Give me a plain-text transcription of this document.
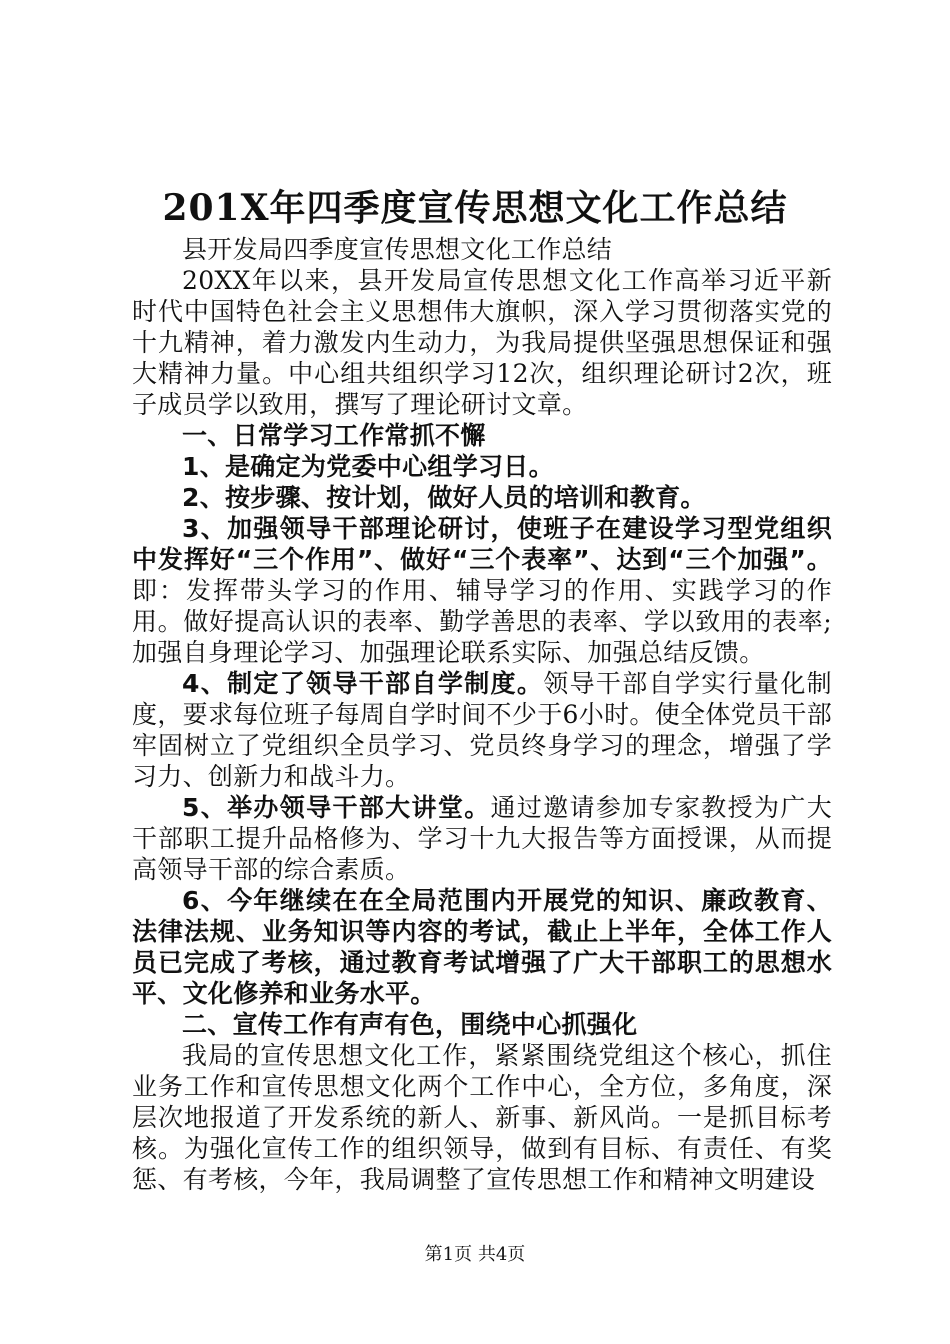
201X年四季度宣传思想文化工作总结

县开发局四季度宣传思想文化工作总结

20XX年以来，县开发局宣传思想文化工作高举习近平新时代中国特色社会主义思想伟大旗帜，深入学习贯彻落实党的十九精神，着力激发内生动力，为我局提供坚强思想保证和强大精神力量。中心组共组织学习12次，组织理论研讨2次，班子成员学以致用，撰写了理论研讨文章。

一、日常学习工作常抓不懈

1、是确定为党委中心组学习日。

2、按步骤、按计划，做好人员的培训和教育。

3、加强领导干部理论研讨，使班子在建设学习型党组织中发挥好“三个作用”、做好“三个表率”、达到“三个加强”。即：发挥带头学习的作用、辅导学习的作用、实践学习的作用。做好提高认识的表率、勤学善思的表率、学以致用的表率;加强自身理论学习、加强理论联系实际、加强总结反馈。

4、制定了领导干部自学制度。领导干部自学实行量化制度，要求每位班子每周自学时间不少于6小时。使全体党员干部牢固树立了党组织全员学习、党员终身学习的理念，增强了学习力、创新力和战斗力。

5、举办领导干部大讲堂。通过邀请参加专家教授为广大干部职工提升品格修为、学习十九大报告等方面授课，从而提高领导干部的综合素质。

6、今年继续在在全局范围内开展党的知识、廉政教育、法律法规、业务知识等内容的考试，截止上半年，全体工作人员已完成了考核，通过教育考试增强了广大干部职工的思想水平、文化修养和业务水平。

二、宣传工作有声有色，围绕中心抓强化

我局的宣传思想文化工作，紧紧围绕党组这个核心，抓住业务工作和宣传思想文化两个工作中心，全方位，多角度，深层次地报道了开发系统的新人、新事、新风尚。一是抓目标考核。为强化宣传工作的组织领导，做到有目标、有责任、有奖惩、有考核，今年，我局调整了宣传思想工作和精神文明建设

第1页 共4页
